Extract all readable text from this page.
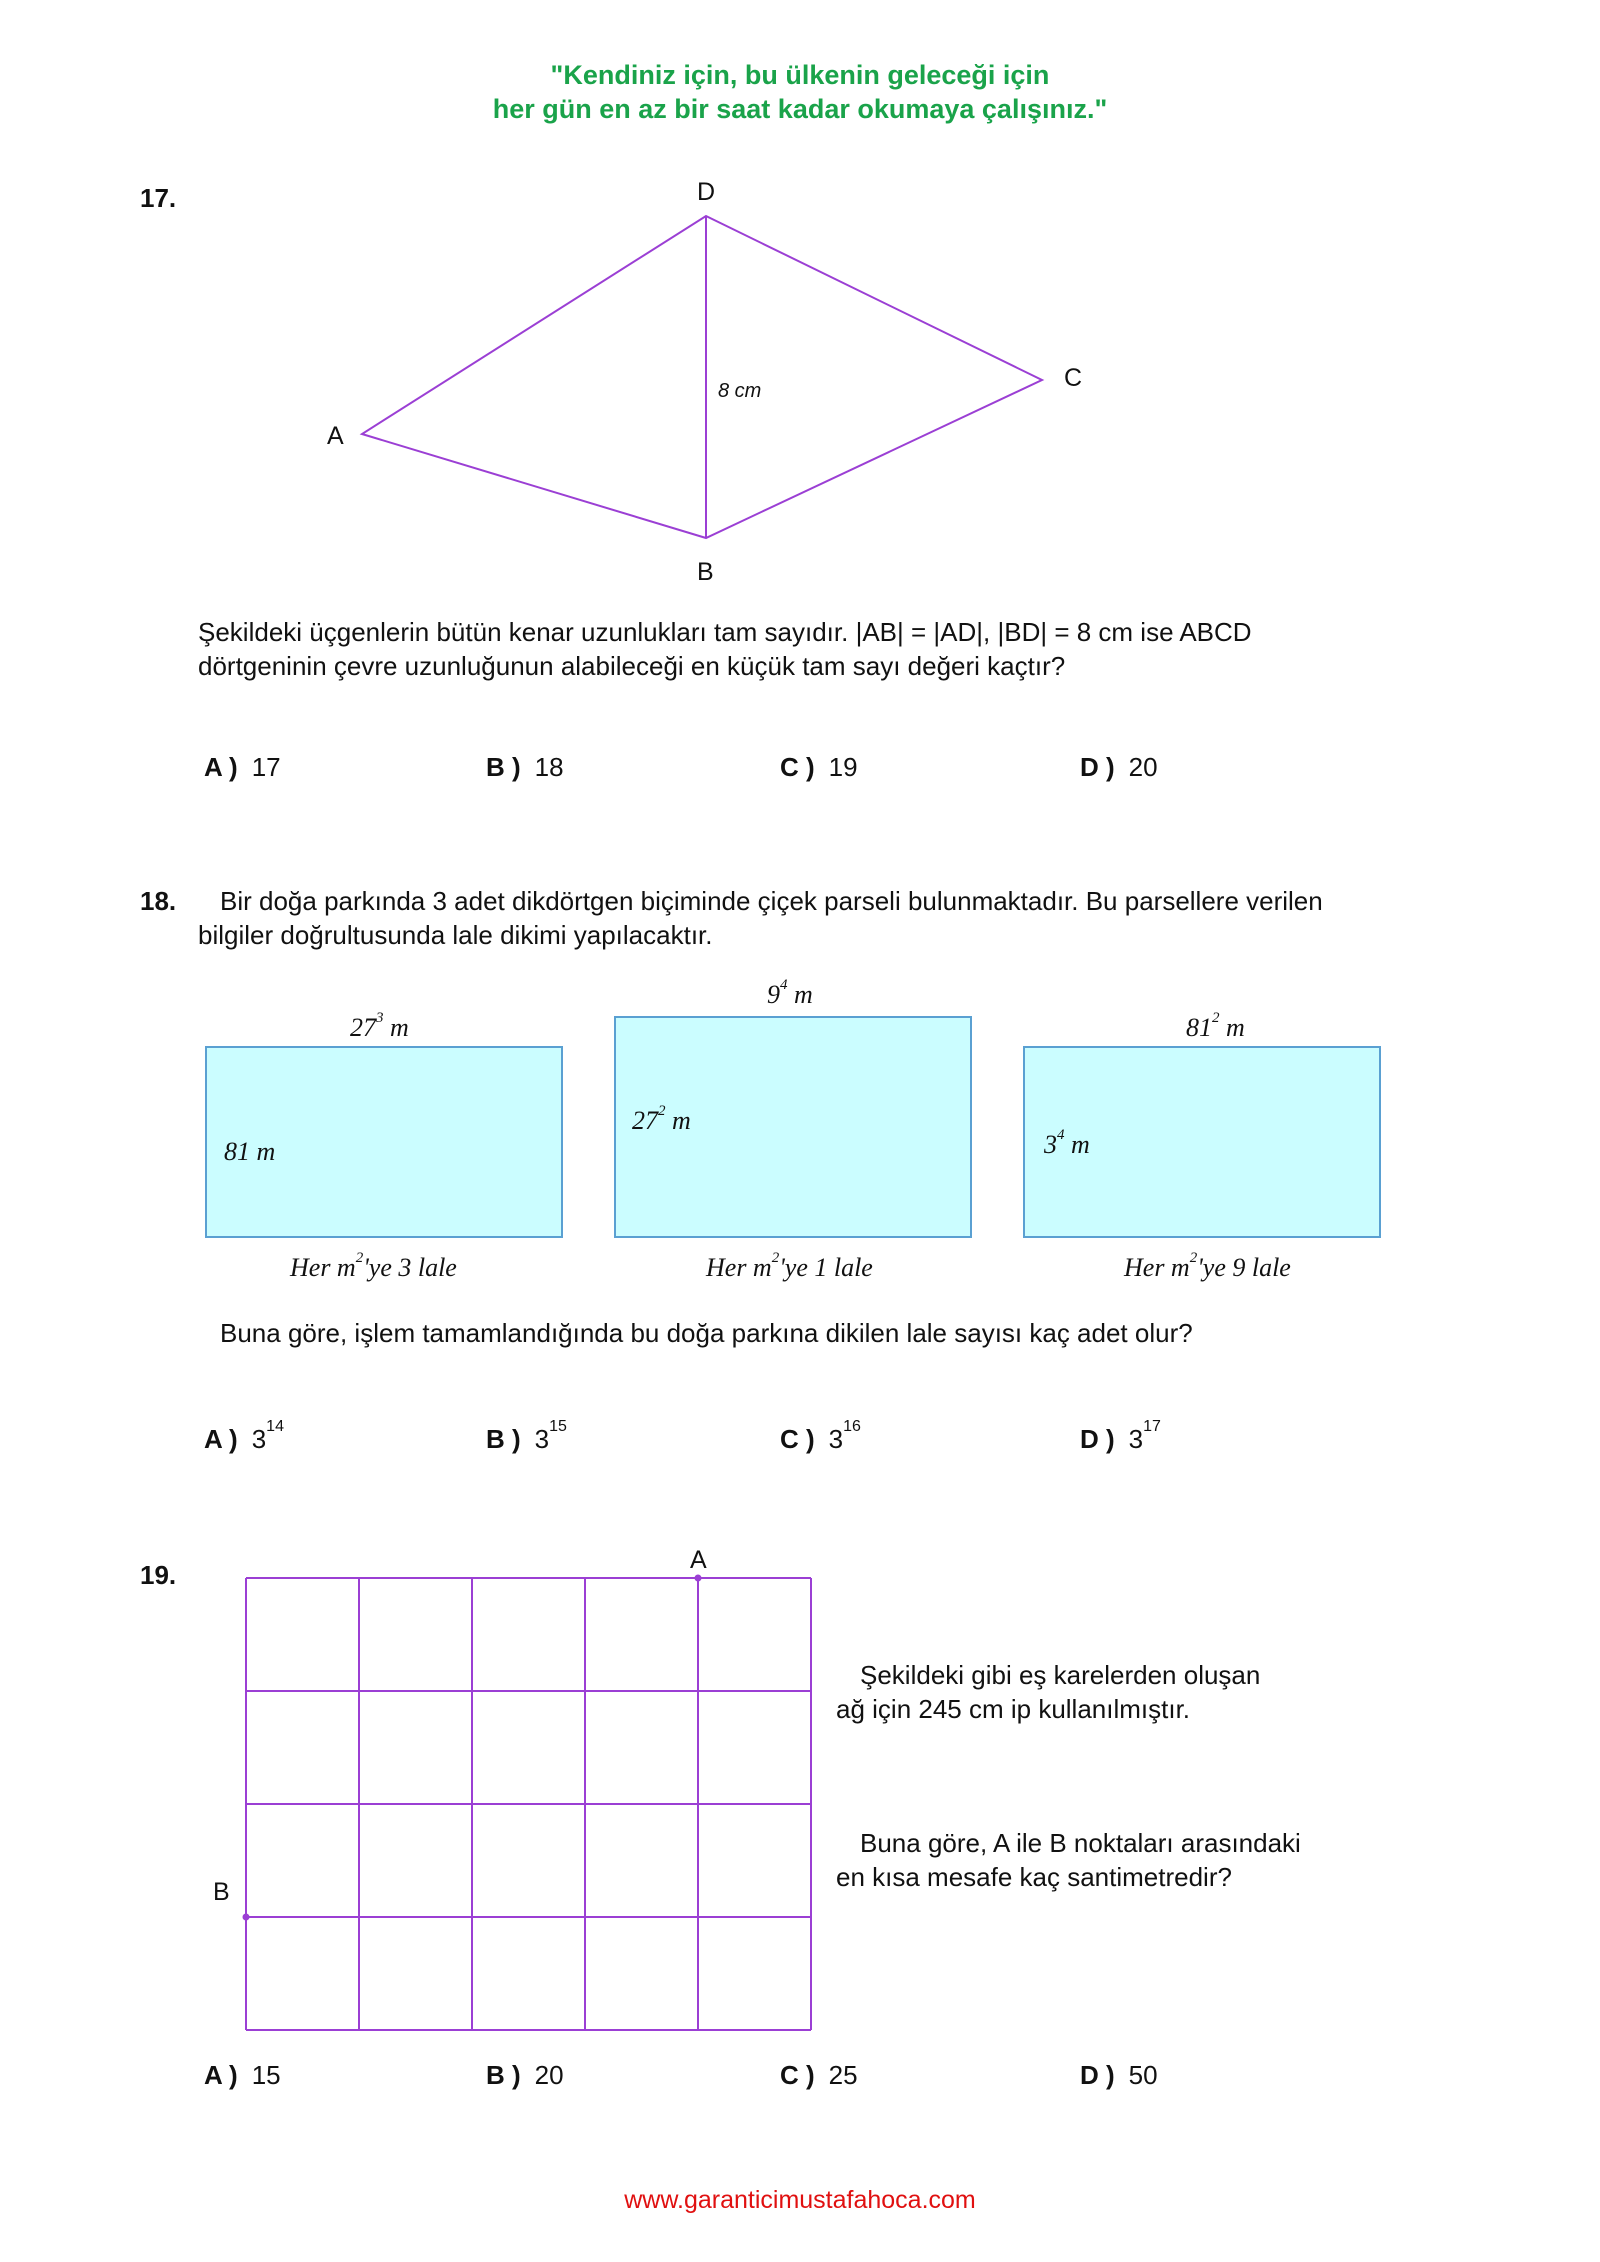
"Kendiniz için, bu ülkenin geleceği için
her gün en az bir saat kadar okumaya çalışınız."
17.	D
C
A
B
8 cm
Şekildeki üçgenlerin bütün kenar uzunlukları tam sayıdır. |AB| = |AD|, |BD| = 8 cm ise ABCD
dörtgeninin çevre uzunluğunun alabileceği en küçük tam sayı değeri kaçtır?
A ) 17	B ) 18	C ) 19	D ) 20
18. Bir doğa parkında 3 adet dikdörtgen biçiminde çiçek parseli bulunmaktadır. Bu parsellere verilen
bilgiler doğrultusunda lale dikimi yapılacaktır.
$27^3$ m
81 m
Her $m^2'ye$ 3 lale
$9^4$ m
$27^2$ m
Her $m^2'ye$ 1 lale
$81^2$ m
$3^4$ m
Her $m^2'ye$ 9 lale
Buna göre, işlem tamamlandığında bu doğa parkına dikilen lale sayısı kaç adet olur?
A ) $3^{14}$	B ) $3^{15}$	C ) $3^{16}$	D ) $3^{17}$
19.	A
B
Şekildeki gibi eş karelerden oluşan
ağ için 245 cm ip kullanılmıştır.
Buna göre, A ile B noktaları arasındaki
en kısa mesafe kaç santimetredir?
A ) 15	B ) 20	C ) 25	D ) 50
www.garanticimustafahoca.com
